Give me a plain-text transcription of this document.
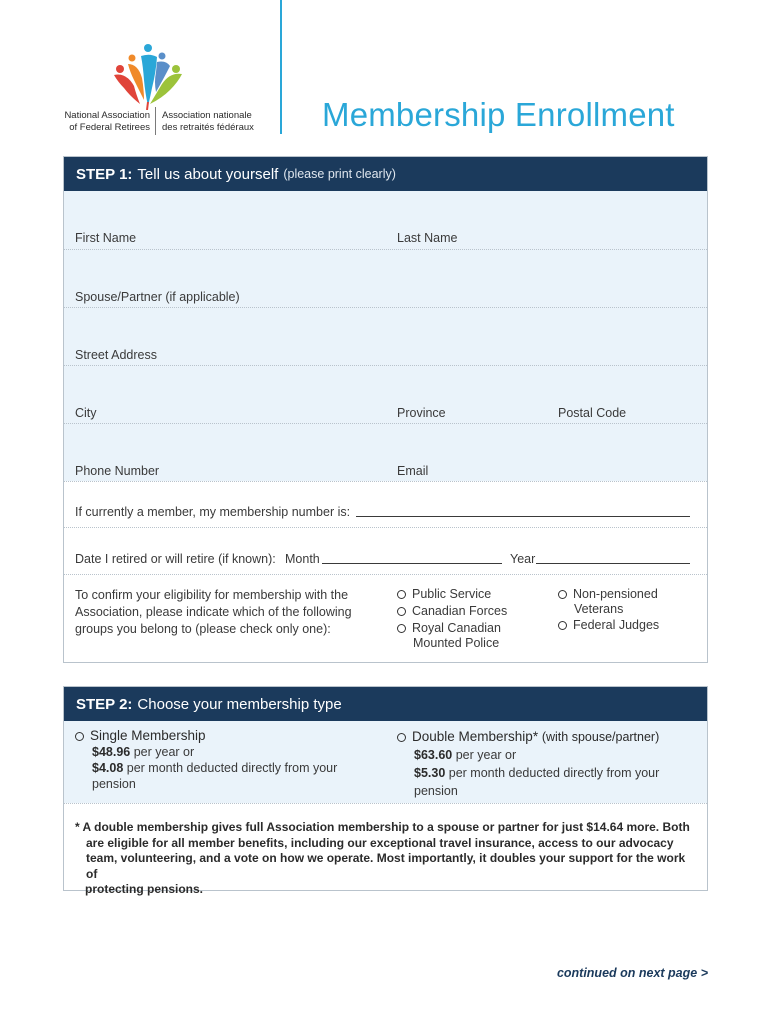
National Association
of Federal Retirees
Association nationale
des retraités fédéraux	Membership Enrollment
STEP 1: Tell us about yourself (please print clearly)
First Name	Last Name
Spouse/Partner (if applicable)
Street Address
City	Province	Postal Code
Phone Number	Email
If currently a member, my membership number is:
Date I retired or will retire (if known): Month	Year
To confirm your eligibility for membership with the
Association, please indicate which of the following
groups you belong to (please check only one):
Public Service
Canadian Forces
Royal Canadian
Mounted Police
Non-pensioned
Veterans
Federal Judges
STEP 2: Choose your membership type
Single Membership
$48.96 per year or
$4.08 per month deducted directly from your
pension
Double Membership* (with spouse/partner)
$63.60 per year or
$5.30 per month deducted directly from your
pension
* A double membership gives full Association membership to a spouse or partner for just $14.64 more. Both
are eligible for all member benefits, including our exceptional travel insurance, access to our advocacy
team, volunteering, and a vote on how we operate. Most importantly, it doubles your support for the work of
protecting pensions.
continued on next page >
